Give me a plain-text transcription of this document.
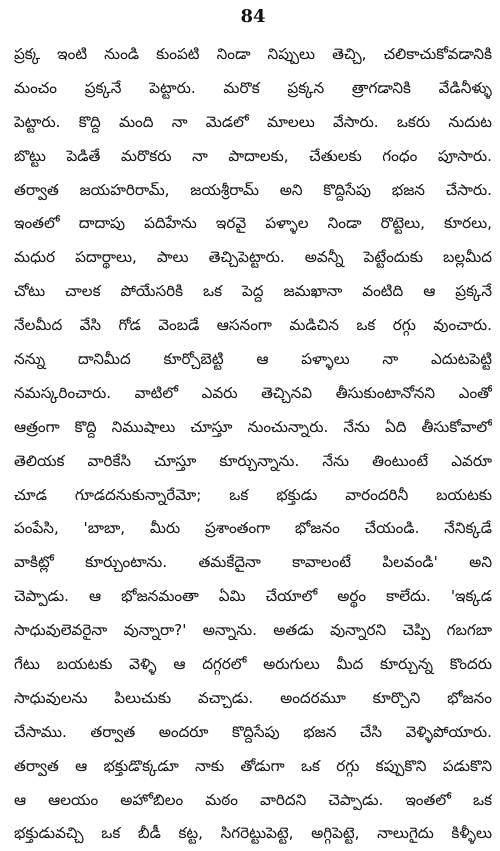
84
ప్రక్క ఇంటి నుండి కుంపటి నిండా నిప్పులు తెచ్చి, చలికాచుకోవడానికి
మంచం ప్రక్కనే పెట్టారు. మరొక ప్రక్కన త్రాగడానికి వేడినీళ్ళు
పెట్టారు. కొద్ది మంది నా మెడలో మాలలు వేసారు. ఒకరు నుదుట
బొట్టు పెడితే మరొకరు నా పాదాలకు, చేతులకు గంధం పూసారు.
తర్వాత జయహరిరామ్, జయశ్రీరామ్ అని కొద్దిసేపు భజన చేసారు.
ఇంతలో దాదాపు పదిహేను ఇరవై పళ్ళాల నిండా రొట్టెలు, కూరలు,
మధుర పదార్థాలు, పాలు తెచ్చిపెట్టారు. అవన్నీ పెట్టేందుకు బల్లమీద
చోటు చాలక పోయేసరికి ఒక పెద్ద జమఖానా వంటిది ఆ ప్రక్కనే
నేలమీద వేసి గోడ వెంబడే ఆసనంగా మడిచిన ఒక రగ్గు వుంచారు.
నన్ను దానిమీద కూర్చోబెట్టి ఆ పళ్ళాలు నా ఎదుటపెట్టి
నమస్కరించారు. వాటిలో ఎవరు తెచ్చినవి తీసుకుంటానోనని ఎంతో
ఆత్రంగా కొద్ది నిముషాలు చూస్తూ నుంచున్నారు. నేను ఏది తీసుకోవాలో
తెలియక వారికేసి చూస్తూ కూర్చున్నాను. నేను తింటుంటే ఎవరూ
చూడ గూడదనుకున్నారేమో; ఒక భక్తుడు వారందరినీ బయటకు
పంపేసి, 'బాబా, మీరు ప్రశాంతంగా భోజనం చేయండి. నేనిక్కడే
వాకిట్లో కూర్చుంటాను. తమకేదైనా కావాలంటే పిలవండి' అని
చెప్పాడు. ఆ భోజనమంతా ఏమి చేయాలో అర్థం కాలేదు. 'ఇక్కడ
సాధువులెవరైనా వున్నారా?' అన్నాను. అతడు వున్నారని చెప్పి గబగబా
గేటు బయటకు వెళ్ళి ఆ దగ్గరలో అరుగులు మీద కూర్చున్న కొందరు
సాధువులను పిలుచుకు వచ్చాడు. అందరమూ కూర్చొని భోజనం
చేసాము. తర్వాత అందరూ కొద్దిసేపు భజన చేసి వెళ్ళిపోయారు.
తర్వాత ఆ భక్తుడొక్కడూ నాకు తోడుగా ఒక రగ్గు కప్పుకొని పడుకొని
ఆ ఆలయం అహోబిలం మఠం వారిదని చెప్పాడు. ఇంతలో ఒక
భక్తుడువచ్చి ఒక బీడీ కట్ట, సిగరెట్టుపెట్టె, అగ్గిపెట్టె, నాలుగైదు కిళ్ళీలు
